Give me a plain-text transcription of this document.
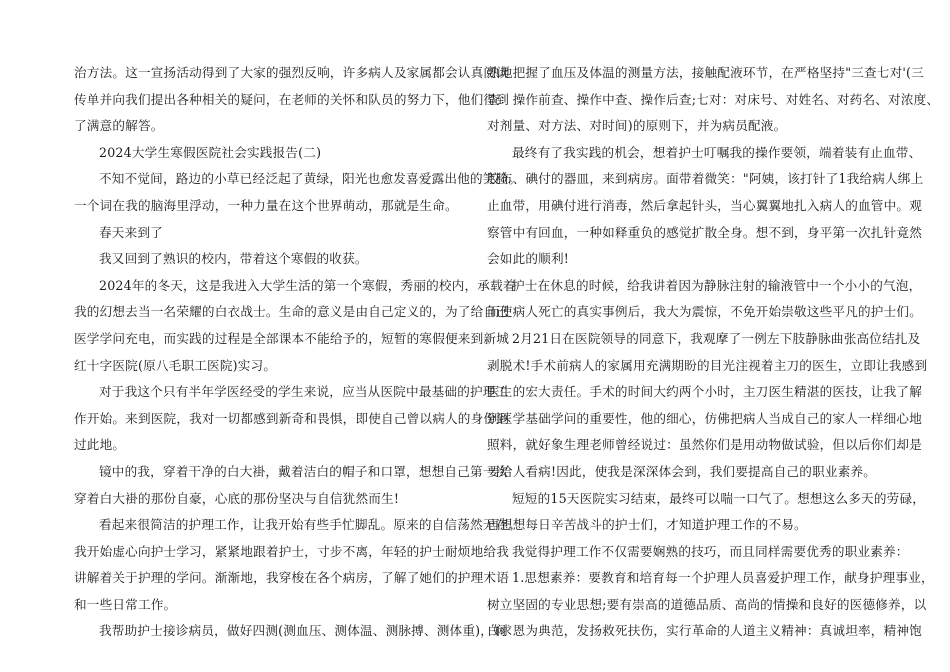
治方法。这一宣扬活动得到了大家的强烈反响，许多病人及家属都会认真阅读
传单并向我们提出各种相关的疑问，在老师的关怀和队员的努力下，他们得到
了满意的解答。
2024大学生寒假医院社会实践报告(二)
不知不觉间，路边的小草已经泛起了黄绿，阳光也愈发喜爱露出他的笑脸。
一个词在我的脑海里浮动，一种力量在这个世界萌动，那就是生命。
春天来到了
我又回到了熟识的校内，带着这个寒假的收获。
2024年的冬天，这是我进入大学生活的第一个寒假，秀丽的校内，承载着
我的幻想去当一名荣耀的白衣战士。生命的意义是由自己定义的，为了给自己
医学学问充电，而实践的过程是全部课本不能给予的，短暂的寒假便来到新城
红十字医院(原八毛职工医院)实习。
对于我这个只有半年学医经受的学生来说，应当从医院中最基础的护理工
作开始。来到医院，我对一切都感到新奇和畏惧，即使自己曾以病人的身份到
过此地。
镜中的我，穿着干净的白大褂，戴着洁白的帽子和口罩，想想自己第一次
穿着白大褂的那份自豪，心底的那份坚决与自信犹然而生!
看起来很简洁的护理工作，让我开始有些手忙脚乱。原来的自信荡然无存。
我开始虚心向护士学习，紧紧地跟着护士，寸步不离，年轻的护士耐烦地给我
讲解着关于护理的学问。渐渐地，我穿梭在各个病房，了解了她们的护理术语
和一些日常工作。
我帮助护士接诊病员，做好四测(测血压、测体温、测脉搏、测体重)，娴
熟地把握了血压及体温的测量方法，接触配液环节，在严格坚持"三查七对'(三
查：操作前查、操作中查、操作后查;七对：对床号、对姓名、对药名、对浓度、
对剂量、对方法、对时间)的原则下，并为病员配液。
最终有了我实践的机会，想着护士叮嘱我的操作要领，端着装有止血带、
胶布、碘付的器皿，来到病房。面带着微笑："阿姨，该打针了1我给病人绑上
止血带，用碘付进行消毒，然后拿起针头，当心翼翼地扎入病人的血管中。观
察管中有回血，一种如释重负的感觉扩散全身。想不到，身平第一次扎针竟然
会如此的顺利!
护士在休息的时候，给我讲着因为静脉注射的输液管中一个小小的气泡，
而使病人死亡的真实事例后，我大为震惊，不免开始崇敬这些平凡的护士们。
2月21日在医院领导的同意下，我观摩了一例左下肢静脉曲张高位结扎及
剥脱术!手术前病人的家属用充满期盼的目光注视着主刀的医生，立即让我感到
医生的宏大责任。手术的时间大约两个小时，主刀医生精湛的医技，让我了解
到医学基础学问的重要性，他的细心，仿佛把病人当成自己的家人一样细心地
照料，就好象生理老师曾经说过：虽然你们是用动物做试验，但以后你们却是
要给人看病!因此，使我是深深体会到，我们要提高自己的职业素养。
短短的15天医院实习结束，最终可以喘一口气了。想想这么多天的劳碌，
再想想每日辛苦战斗的护士们，才知道护理工作的不易。
我觉得护理工作不仅需要娴熟的技巧，而且同样需要优秀的职业素养：
1.思想素养：要教育和培育每一个护理人员喜爱护理工作，献身护理事业，
树立坚固的专业思想;要有崇高的道德品质、高尚的情操和良好的医德修养，以
白求恩为典范，发扬救死扶伤，实行革命的人道主义精神：真诚坦率，精神饱
